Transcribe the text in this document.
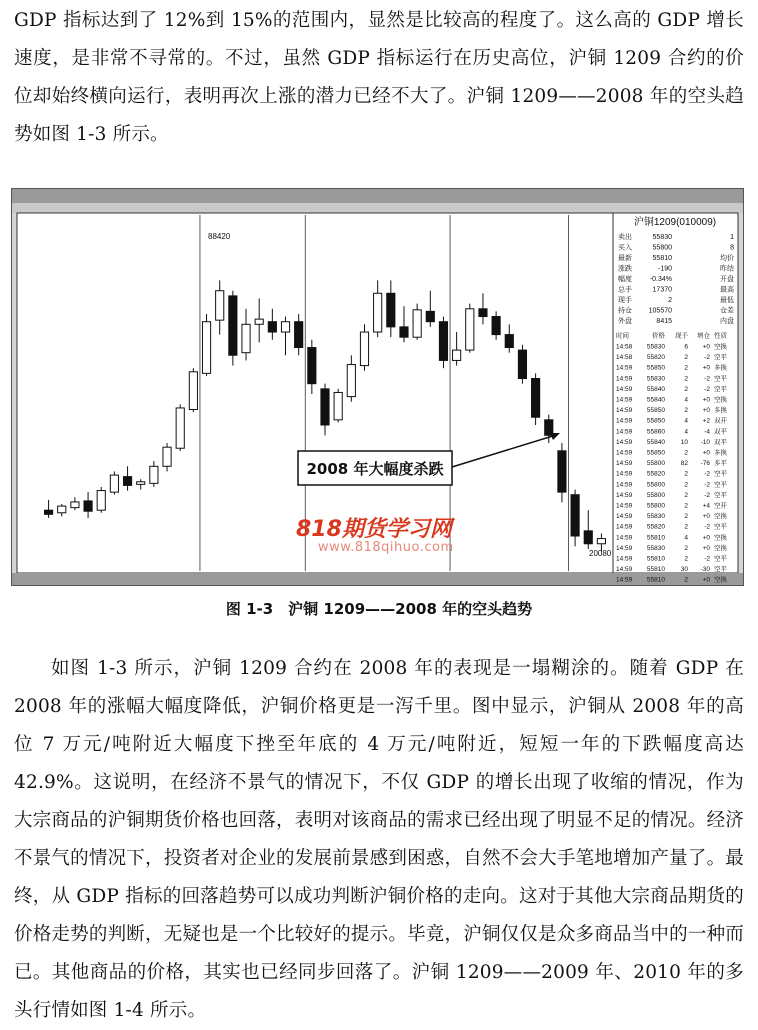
GDP 指标达到了 12%到 15%的范围内，显然是比较高的程度了。这么高的 GDP 增长速度，是非常不寻常的。不过，虽然 GDP 指标运行在历史高位，沪铜 1209 合约的价位却始终横向运行，表明再次上涨的潜力已经不大了。沪铜 1209——2008 年的空头趋势如图 1-3 所示。

88420
20080
2008 年大幅度杀跌
沪铜1209(010009)
卖出	55830	1
买入	55800	8
最新	55810	均价
涨跌	-190	昨结
幅度	-0.34%	开盘
总手	17370	最高
现手	2	最低
持仓 105570	仓差
外盘	8415	内盘
时间	价格 现手 增仓 性质
14:58 55830	6 +0 空换
14:58 55820	2 -2 空平
14:59 55850	2 +0 多换
14:59 55830	2 -2 空平
14:59 55840	2 -2 空平
14:59 55840	4 +0 空换
14:59 55850	2 +0 多换
14:59 55850	4 +2 双开
14:59 55860	4 -4 双平
14:59 55840 10 -10 双平
14:59 55850	2 +0 多换
14:59 55800 82 -76 多平
14:59 55820	2 -2 空平
14:59 55800	2 -2 空平
14:59 55800	2 -2 空平
14:59 55800	2 +4 空开
14:59 55830	2 +0 空换
14:59 55820	2 -2 空平
14:59 55810	4 +0 空换
14:59 55830	2 +0 空换
14:59 55810	2 -2 空平
14:59 55810 30 -30 空平
14:59 55810	2 +0 空换
图 1-3　沪铜 1209——2008 年的空头趋势
818期货学习网
www.818qihuo.com

如图 1-3 所示，沪铜 1209 合约在 2008 年的表现是一塌糊涂的。随着 GDP 在 2008 年的涨幅大幅度降低，沪铜价格更是一泻千里。图中显示，沪铜从 2008 年的高位 7 万元/吨附近大幅度下挫至年底的 4 万元/吨附近，短短一年的下跌幅度高达 42.9%。这说明，在经济不景气的情况下，不仅 GDP 的增长出现了收缩的情况，作为大宗商品的沪铜期货价格也回落，表明对该商品的需求已经出现了明显不足的情况。经济不景气的情况下，投资者对企业的发展前景感到困惑，自然不会大手笔地增加产量了。最终，从 GDP 指标的回落趋势可以成功判断沪铜价格的走向。这对于其他大宗商品期货的价格走势的判断，无疑也是一个比较好的提示。毕竟，沪铜仅仅是众多商品当中的一种而已。其他商品的价格，其实也已经同步回落了。沪铜 1209——2009 年、2010 年的多头行情如图 1-4 所示。
